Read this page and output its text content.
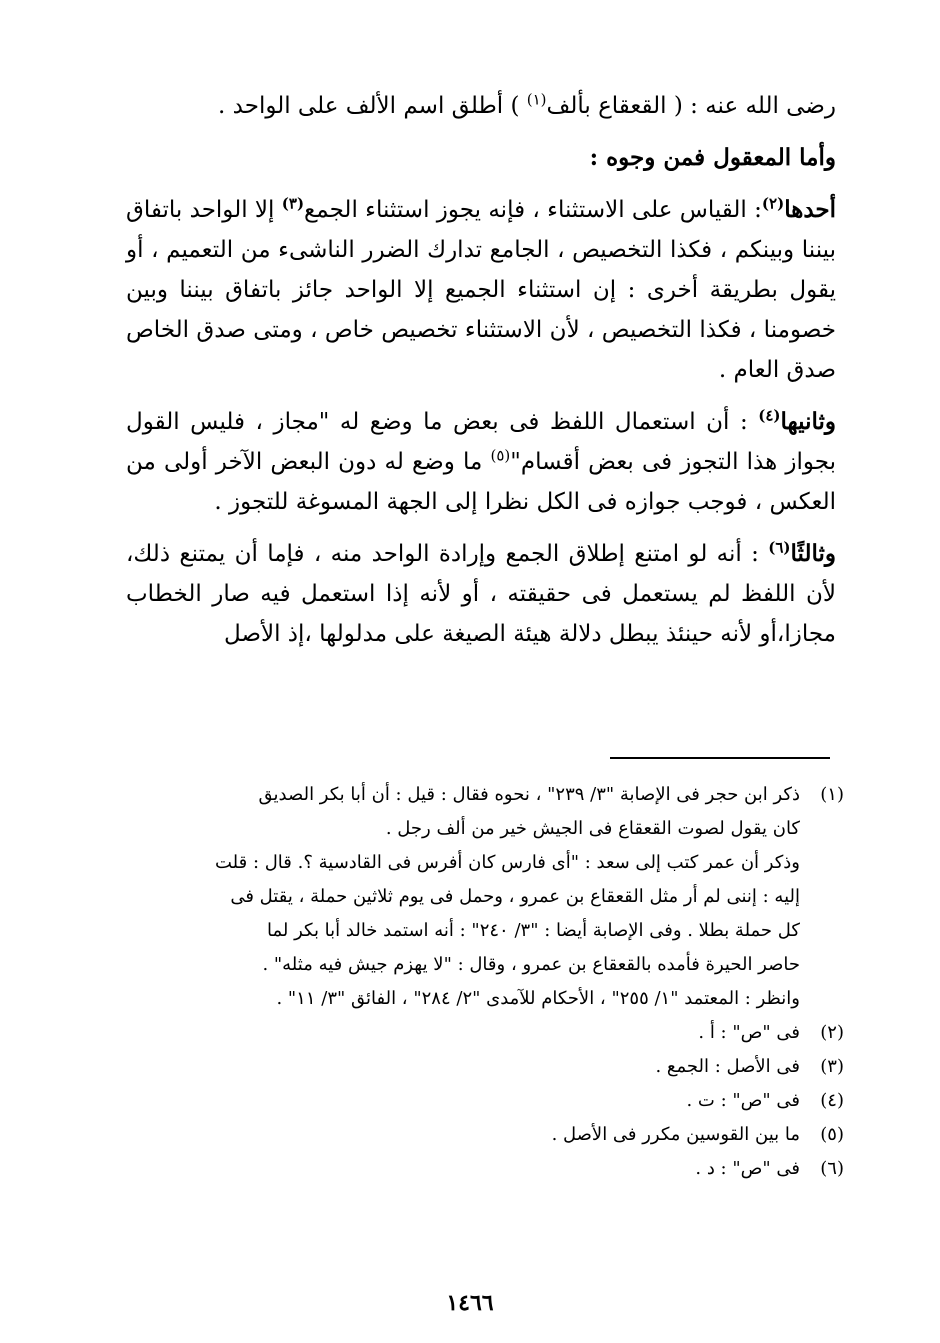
رضى الله عنه : ( القعقاع بألف$^{(١)}$ ) أطلق اسم الألف على الواحد .

وأما المعقول فمن وجوه :

أحدها$^{(٢)}$: القياس على الاستثناء ، فإنه يجوز استثناء الجمع$^{(٣)}$ إلا الواحد باتفاق بيننا وبينكم ، فكذا التخصيص ، الجامع تدارك الضرر الناشىء من التعميم ، أو يقول بطريقة أخرى : إن استثناء الجميع إلا الواحد جائز باتفاق بيننا وبين خصومنا ، فكذا التخصيص ، لأن الاستثناء تخصيص خاص ، ومتى صدق الخاص صدق العام .

وثانيها$^{(٤)}$ : أن استعمال اللفظ فى بعض ما وضع له "مجاز ، فليس القول بجواز هذا التجوز فى بعض أقسام"$^{(٥)}$ ما وضع له دون البعض الآخر أولى من العكس ، فوجب جوازه فى الكل نظرا إلى الجهة المسوغة للتجوز .

وثالثًا$^{(٦)}$ : أنه لو امتنع إطلاق الجمع وإرادة الواحد منه ، فإما أن يمتنع ذلك، لأن اللفظ لم يستعمل فى حقيقته ، أو لأنه إذا استعمل فيه صار الخطاب مجازا،أو لأنه حينئذ يبطل دلالة هيئة الصيغة على مدلولها ،إذ الأصل

(١)

ذكر ابن حجر فى الإصابة "٣/ ٢٣٩" ، نحوه فقال : قيل : أن أبا بكر الصديق

كان يقول لصوت القعقاع فى الجيش خير من ألف رجل .

وذكر أن عمر كتب إلى سعد : "أى فارس كان أفرس فى القادسية ؟. قال : قلت

إليه : إننى لم أر مثل القعقاع بن عمرو ، وحمل فى يوم ثلاثين حملة ، يقتل فى

كل حملة بطلا . وفى الإصابة أيضا : "٣/ ٢٤٠" : أنه استمد خالد أبا بكر لما

حاصر الحيرة فأمده بالقعقاع بن عمرو ، وقال : "لا يهزم جيش فيه مثله" .

وانظر : المعتمد "١/ ٢٥٥" ، الأحكام للآمدى "٢/ ٢٨٤" ، الفائق "٣/ ١١" .

(٢)

فى "ص" : أ .

(٣)

فى الأصل : الجمع .

(٤)

فى "ص" : ت .

(٥)

ما بين القوسين مكرر فى الأصل .

(٦)

فى "ص" : د .

١٤٦٦
